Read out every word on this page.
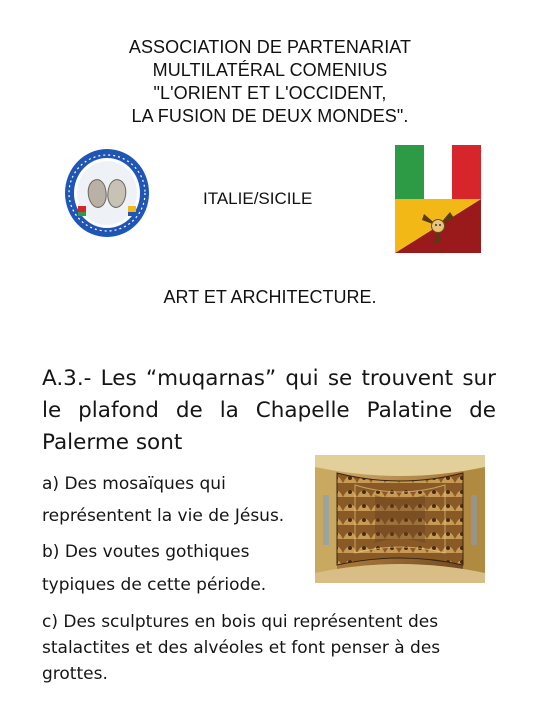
ASSOCIATION DE PARTENARIAT
MULTILATÉRAL COMENIUS
"L'ORIENT ET L'OCCIDENT,
LA FUSION DE DEUX MONDES".
ITALIE/SICILE
ART ET ARCHITECTURE.
A.3.- Les “muqarnas” qui se trouvent sur le plafond de la Chapelle Palatine de Palerme sont
a) Des mosaïques qui
représentent la vie de Jésus.
b) Des voutes gothiques
typiques de cette période.
c) Des sculptures en bois qui représentent des stalactites et des alvéoles et font penser à des grottes.
